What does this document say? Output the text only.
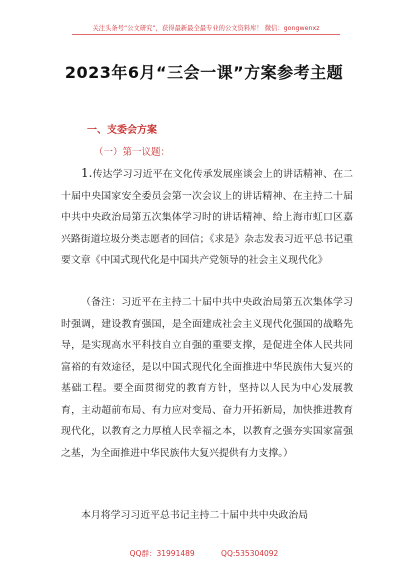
关注头条号“公文研究”，获得最新最全最专业的公文资料库！ 微信：gongwenxz
2023年6月“三会一课”方案参考主题
一、支委会方案
（一）第一议题：
1.传达学习习近平在文化传承发展座谈会上的讲话精神、在二十届中央国家安全委员会第一次会议上的讲话精神、在主持二十届中共中央政治局第五次集体学习时的讲话精神、给上海市虹口区嘉兴路街道垃圾分类志愿者的回信；《求是》杂志发表习近平总书记重要文章《中国式现代化是中国共产党领导的社会主义现代化》
（备注：习近平在主持二十届中共中央政治局第五次集体学习时强调，建设教育强国，是全面建成社会主义现代化强国的战略先导，是实现高水平科技自立自强的重要支撑，是促进全体人民共同富裕的有效途径，是以中国式现代化全面推进中华民族伟大复兴的基础工程。要全面贯彻党的教育方针，坚持以人民为中心发展教育，主动超前布局、有力应对变局、奋力开拓新局，加快推进教育现代化，以教育之力厚植人民幸福之本，以教育之强夯实国家富强之基，为全面推进中华民族伟大复兴提供有力支撑。）
本月将学习习近平总书记主持二十届中共中央政治局
QQ群：31991489	QQ:535304092
